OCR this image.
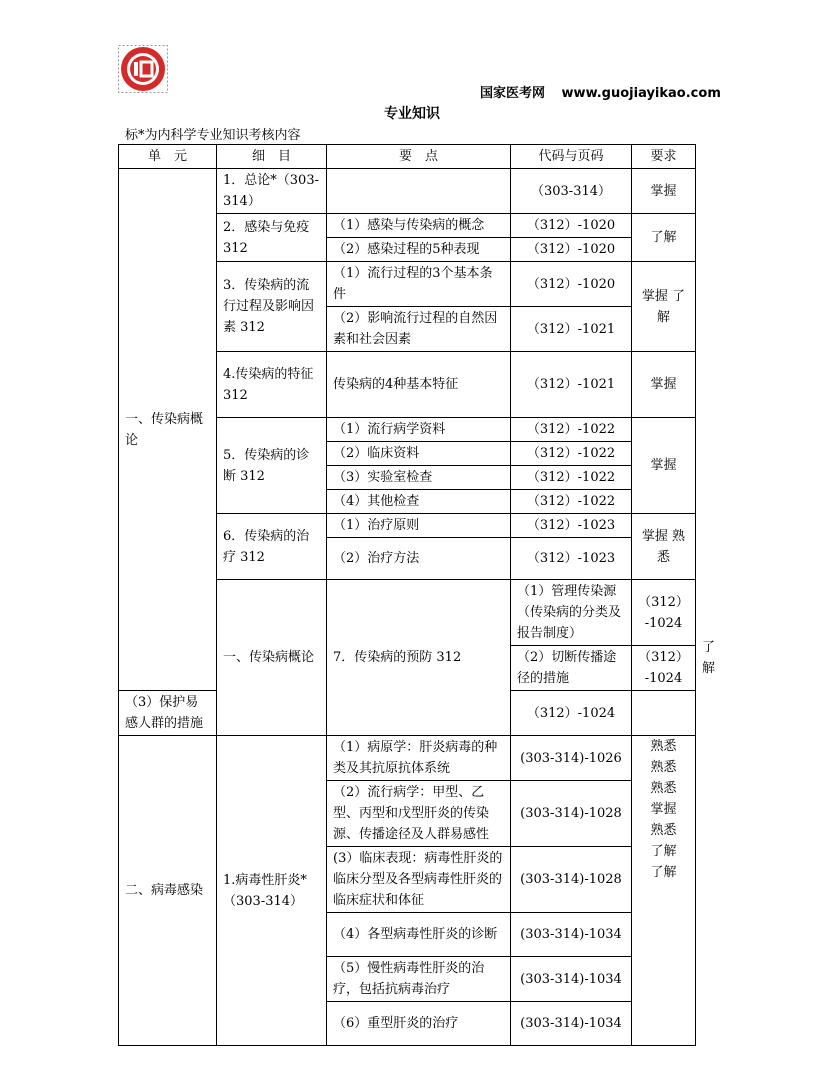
国家医考网 www.guojiayikao.com
专业知识
标*为内科学专业知识考核内容
单　元	细　目	要　点	代码与页码	要求	
一、传染病概论	1．总论*（303-314）		（303-314）	掌握	
	2．感染与免疫 312	（1）感染与传染病的概念	（312）-1020	了解	
		（2）感染过程的5种表现	（312）-1020		
	3．传染病的流行过程及影响因素 312	（1）流行过程的3个基本条件	（312）-1020	掌握 了解	
		（2）影响流行过程的自然因素和社会因素	（312）-1021		
	4.传染病的特征 312	传染病的4种基本特征	（312）-1021	掌握	
	5．传染病的诊断 312	（1）流行病学资料	（312）-1022	掌握	
		（2）临床资料	（312）-1022		
		（3）实验室检查	（312）-1022		
		（4）其他检查	（312）-1022		
	6．传染病的治疗 312	（1）治疗原则	（312）-1023	掌握 熟悉	
		（2）治疗方法	（312）-1023		
	一、传染病概论	7．传染病的预防 312	（1）管理传染源（传染病的分类及报告制度）	（312）-1024	了解
			（2）切断传播途径的措施	（312）-1024	
（3）保护易感人群的措施			（312）-1024		
二、病毒感染	1.病毒性肝炎*（303-314）	（1）病原学：肝炎病毒的种类及其抗原抗体系统	(303-314)-1026	熟悉 熟悉 熟悉 掌握 熟悉 了解 了解	
		（2）流行病学：甲型、乙型、丙型和戊型肝炎的传染源、传播途径及人群易感性	(303-314)-1028		
		(3）临床表现：病毒性肝炎的临床分型及各型病毒性肝炎的临床症状和体征	(303-314)-1028		
		（4）各型病毒性肝炎的诊断	(303-314)-1034		
		（5）慢性病毒性肝炎的治疗，包括抗病毒治疗	(303-314)-1034		
		（6）重型肝炎的治疗	(303-314)-1034		
